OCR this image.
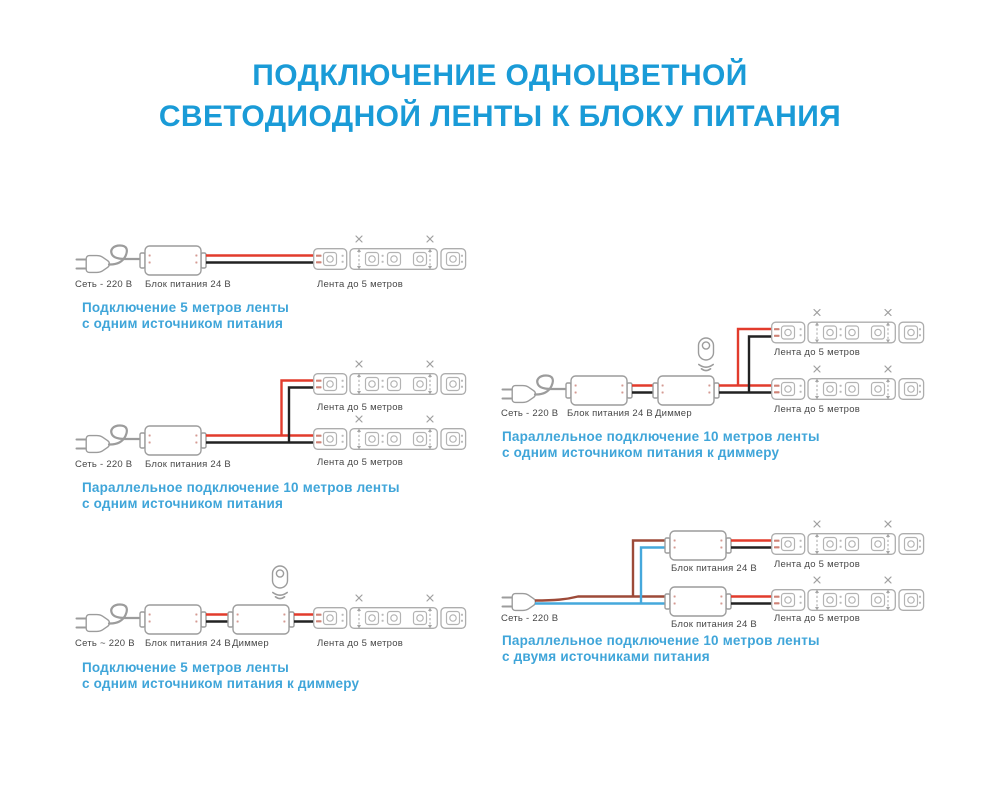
ПОДКЛЮЧЕНИЕ ОДНОЦВЕТНОЙ
СВЕТОДИОДНОЙ ЛЕНТЫ К БЛОКУ ПИТАНИЯ
Сеть - 220 В Блок питания 24 В	Лента до 5 метров
Лента до 5 метров
Лента до 5 метров
Сеть - 220 В Блок питания 24 В
Сеть ~ 220 В Блок питания 24 В Диммер	Лента до 5 метров
Лента до 5 метров
Лента до 5 метров
Сеть - 220 В Блок питания 24 В Диммер
Сеть - 220 В
Блок питания 24 В Лента до 5 метров
Блок питания 24 В
Лента до 5 метров
Подключение 5 метров ленты
с одним источником питания
Параллельное подключение 10 метров ленты
с одним источником питания
Подключение 5 метров ленты
с одним источником питания к диммеру
Параллельное подключение 10 метров ленты
с одним источником питания к диммеру
Параллельное подключение 10 метров ленты
с двумя источниками питания
